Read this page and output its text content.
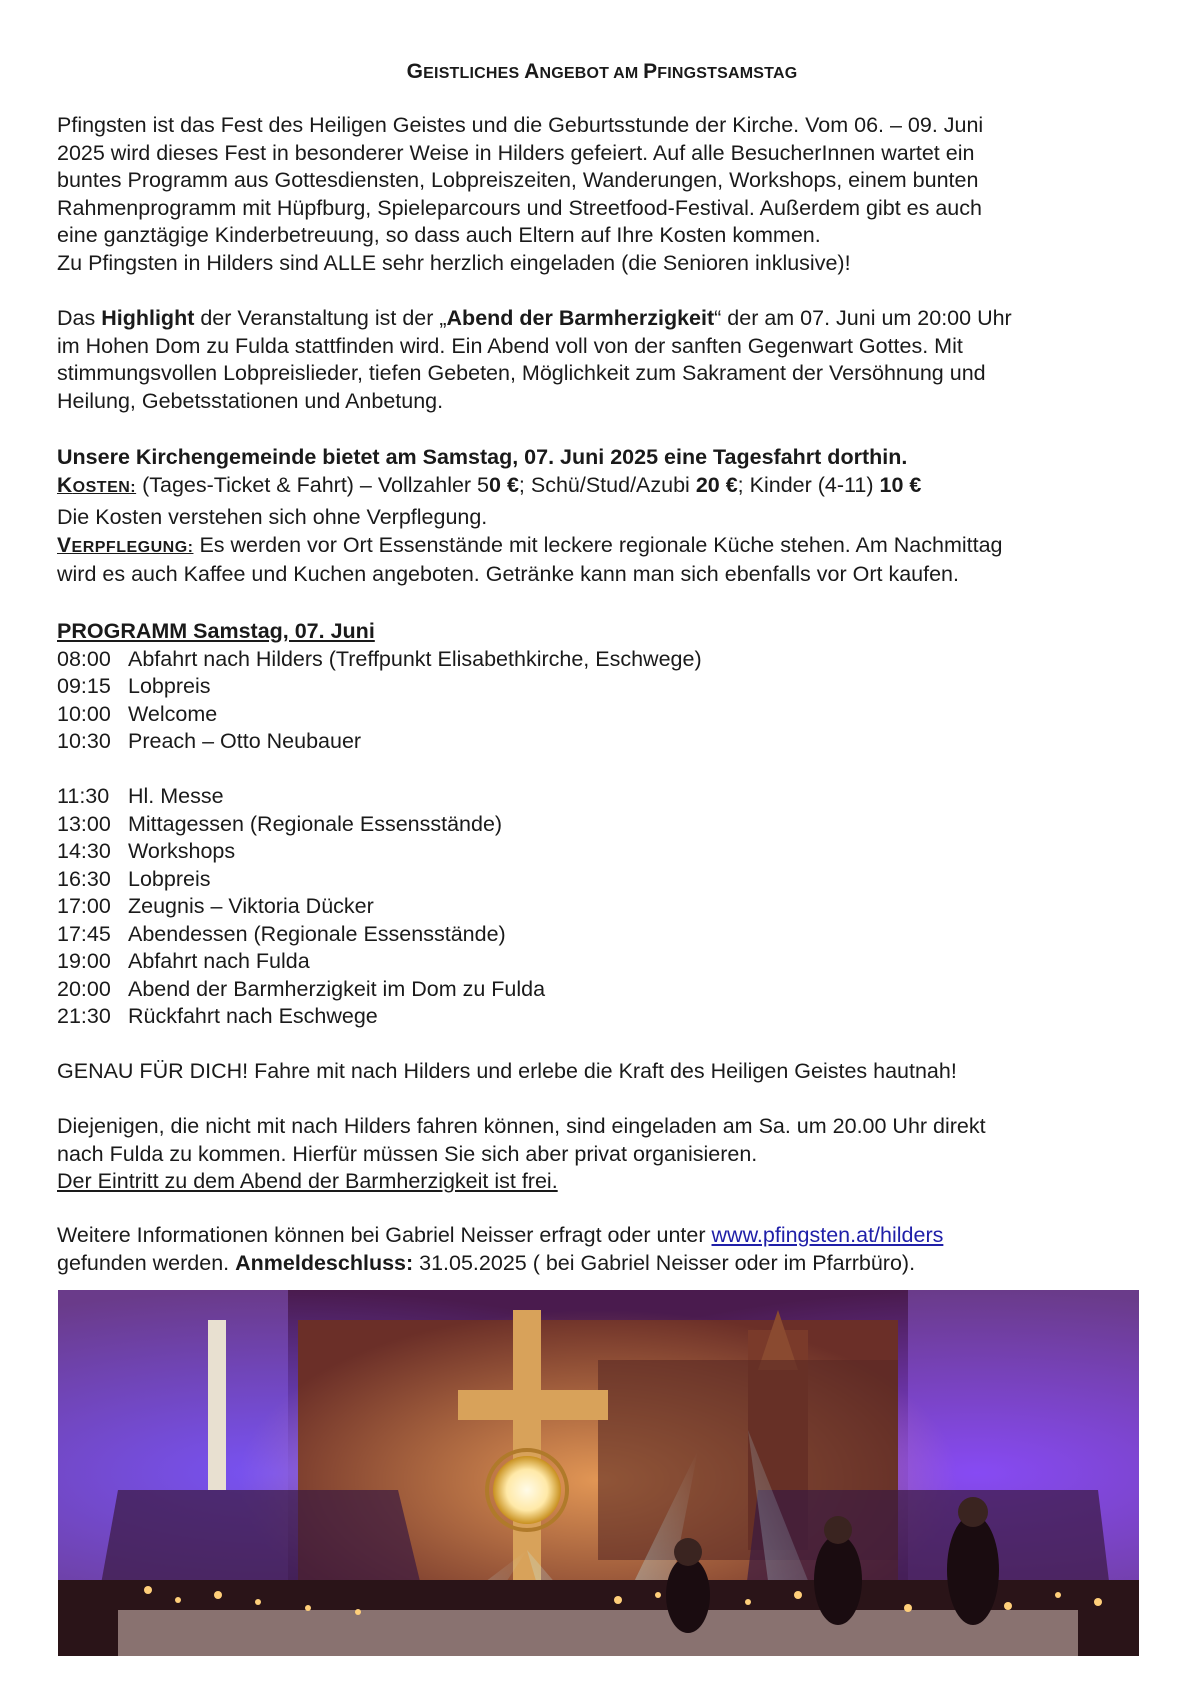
GEISTLICHES ANGEBOT AM PFINGSTSAMSTAG

Pfingsten ist das Fest des Heiligen Geistes und die Geburtsstunde der Kirche. Vom 06. – 09. Juni

2025 wird dieses Fest in besonderer Weise in Hilders gefeiert. Auf alle BesucherInnen wartet ein

buntes Programm aus Gottesdiensten, Lobpreiszeiten, Wanderungen, Workshops, einem bunten

Rahmenprogramm mit Hüpfburg, Spieleparcours und Streetfood-Festival. Außerdem gibt es auch

eine ganztägige Kinderbetreuung, so dass auch Eltern auf Ihre Kosten kommen.

Zu Pfingsten in Hilders sind ALLE sehr herzlich eingeladen (die Senioren inklusive)!

Das Highlight der Veranstaltung ist der „Abend der Barmherzigkeit“ der am 07. Juni um 20:00 Uhr

im Hohen Dom zu Fulda stattfinden wird. Ein Abend voll von der sanften Gegenwart Gottes. Mit

stimmungsvollen Lobpreislieder, tiefen Gebeten, Möglichkeit zum Sakrament der Versöhnung und

Heilung, Gebetsstationen und Anbetung.

Unsere Kirchengemeinde bietet am Samstag, 07. Juni 2025 eine Tagesfahrt dorthin.

KOSTEN: (Tages-Ticket & Fahrt) – Vollzahler 50 €; Schü/Stud/Azubi 20 €; Kinder (4-11) 10 €

Die Kosten verstehen sich ohne Verpflegung.

VERPFLEGUNG: Es werden vor Ort Essenstände mit leckere regionale Küche stehen. Am Nachmittag

wird es auch Kaffee und Kuchen angeboten. Getränke kann man sich ebenfalls vor Ort kaufen.

PROGRAMM Samstag, 07. Juni

08:00 Abfahrt nach Hilders (Treffpunkt Elisabethkirche, Eschwege)
09:15 Lobpreis
10:00 Welcome
10:30 Preach – Otto Neubauer
11:30 Hl. Messe
13:00 Mittagessen (Regionale Essensstände)
14:30 Workshops
16:30 Lobpreis
17:00 Zeugnis – Viktoria Dücker
17:45 Abendessen (Regionale Essensstände)
19:00 Abfahrt nach Fulda
20:00 Abend der Barmherzigkeit im Dom zu Fulda
21:30 Rückfahrt nach Eschwege

GENAU FÜR DICH! Fahre mit nach Hilders und erlebe die Kraft des Heiligen Geistes hautnah!

Diejenigen, die nicht mit nach Hilders fahren können, sind eingeladen am Sa. um 20.00 Uhr direkt

nach Fulda zu kommen. Hierfür müssen Sie sich aber privat organisieren.

Der Eintritt zu dem Abend der Barmherzigkeit ist frei.

Weitere Informationen können bei Gabriel Neisser erfragt oder unter www.pfingsten.at/hilders

gefunden werden. Anmeldeschluss: 31.05.2025 ( bei Gabriel Neisser oder im Pfarrbüro).
